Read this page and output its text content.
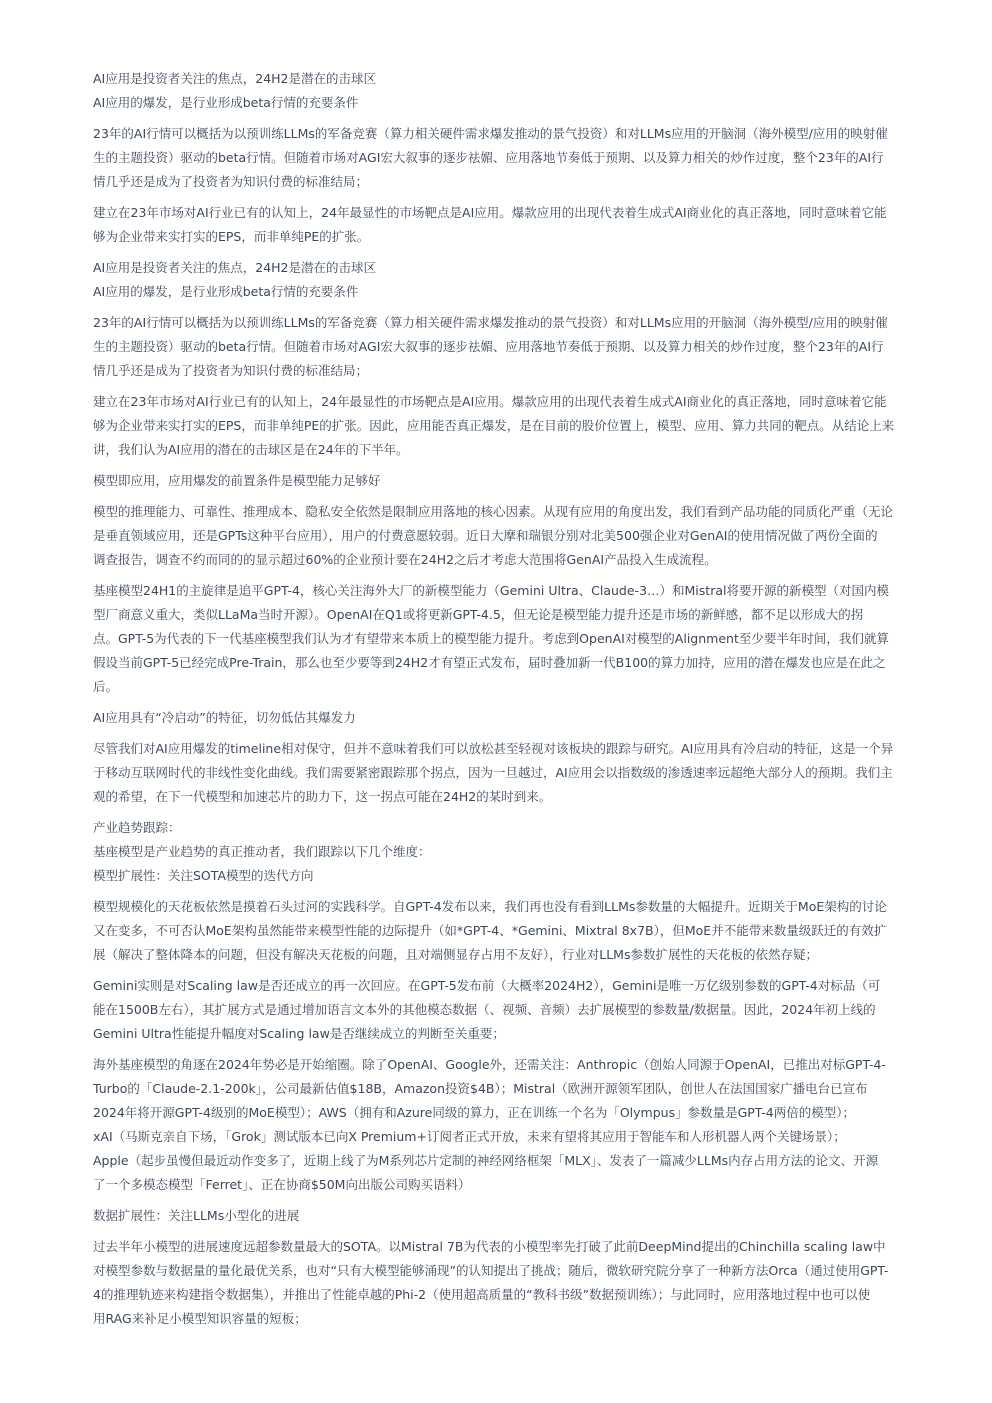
AI应用是投资者关注的焦点，24H2是潜在的击球区
AI应用的爆发，是行业形成beta行情的充要条件
23年的AI行情可以概括为以预训练LLMs的军备竞赛（算力相关硬件需求爆发推动的景气投资）和对LLMs应用的开脑洞（海外模型/应用的映射催
生的主题投资）驱动的beta行情。但随着市场对AGI宏大叙事的逐步祛媚、应用落地节奏低于预期、以及算力相关的炒作过度，整个23年的AI行
情几乎还是成为了投资者为知识付费的标准结局；
建立在23年市场对AI行业已有的认知上，24年最显性的市场靶点是AI应用。爆款应用的出现代表着生成式AI商业化的真正落地，同时意味着它能
够为企业带来实打实的EPS，而非单纯PE的扩张。
AI应用是投资者关注的焦点，24H2是潜在的击球区
AI应用的爆发，是行业形成beta行情的充要条件
23年的AI行情可以概括为以预训练LLMs的军备竞赛（算力相关硬件需求爆发推动的景气投资）和对LLMs应用的开脑洞（海外模型/应用的映射催
生的主题投资）驱动的beta行情。但随着市场对AGI宏大叙事的逐步祛媚、应用落地节奏低于预期、以及算力相关的炒作过度，整个23年的AI行
情几乎还是成为了投资者为知识付费的标准结局；
建立在23年市场对AI行业已有的认知上，24年最显性的市场靶点是AI应用。爆款应用的出现代表着生成式AI商业化的真正落地，同时意味着它能
够为企业带来实打实的EPS，而非单纯PE的扩张。因此，应用能否真正爆发，是在目前的股价位置上，模型、应用、算力共同的靶点。从结论上来
讲，我们认为AI应用的潜在的击球区是在24年的下半年。
模型即应用，应用爆发的前置条件是模型能力足够好
模型的推理能力、可靠性、推理成本、隐私安全依然是限制应用落地的核心因素。从现有应用的角度出发，我们看到产品功能的同质化严重（无论
是垂直领域应用，还是GPTs这种平台应用），用户的付费意愿较弱。近日大摩和瑞银分别对北美500强企业对GenAI的使用情况做了两份全面的
调查报告，调查不约而同的的显示超过60%的企业预计要在24H2之后才考虑大范围将GenAI产品投入生成流程。
基座模型24H1的主旋律是追平GPT-4，核心关注海外大厂的新模型能力（Gemini Ultra、Claude-3…）和Mistral将要开源的新模型（对国内模
型厂商意义重大，类似LLaMa当时开源）。OpenAI在Q1或将更新GPT-4.5，但无论是模型能力提升还是市场的新鲜感，都不足以形成大的拐
点。GPT-5为代表的下一代基座模型我们认为才有望带来本质上的模型能力提升。考虑到OpenAI对模型的Alignment至少要半年时间，我们就算
假设当前GPT-5已经完成Pre-Train，那么也至少要等到24H2才有望正式发布，届时叠加新一代B100的算力加持，应用的潜在爆发也应是在此之
后。
AI应用具有“冷启动”的特征，切勿低估其爆发力
尽管我们对AI应用爆发的timeline相对保守，但并不意味着我们可以放松甚至轻视对该板块的跟踪与研究。AI应用具有冷启动的特征，这是一个异
于移动互联网时代的非线性变化曲线。我们需要紧密跟踪那个拐点，因为一旦越过，AI应用会以指数级的渗透速率远超绝大部分人的预期。我们主
观的希望，在下一代模型和加速芯片的助力下，这一拐点可能在24H2的某时到来。
产业趋势跟踪：
基座模型是产业趋势的真正推动者，我们跟踪以下几个维度：
模型扩展性：关注SOTA模型的迭代方向
模型规模化的天花板依然是摸着石头过河的实践科学。自GPT-4发布以来，我们再也没有看到LLMs参数量的大幅提升。近期关于MoE架构的讨论
又在变多，不可否认MoE架构虽然能带来模型性能的边际提升（如*GPT-4、*Gemini、Mixtral 8x7B），但MoE并不能带来数量级跃迁的有效扩
展（解决了整体降本的问题，但没有解决天花板的问题，且对端侧显存占用不友好），行业对LLMs参数扩展性的天花板的依然存疑；
Gemini实则是对Scaling law是否还成立的再一次回应。在GPT-5发布前（大概率2024H2），Gemini是唯一万亿级别参数的GPT-4对标品（可
能在1500B左右），其扩展方式是通过增加语言文本外的其他模态数据（、视频、音频）去扩展模型的参数量/数据量。因此，2024年初上线的
Gemini Ultra性能提升幅度对Scaling law是否继续成立的判断至关重要；
海外基座模型的角逐在2024年势必是开始缩圈。除了OpenAI、Google外，还需关注：Anthropic（创始人同源于OpenAI，已推出对标GPT-4-
Turbo的「Claude-2.1-200k」，公司最新估值$18B，Amazon投资$4B）；Mistral（欧洲开源领军团队，创世人在法国国家广播电台已宣布
2024年将开源GPT-4级别的MoE模型）；AWS（拥有和Azure同级的算力，正在训练一个名为「Olympus」参数量是GPT-4两倍的模型）；
xAI（马斯克亲自下场，「Grok」测试版本已向X Premium+订阅者正式开放，未来有望将其应用于智能车和人形机器人两个关键场景）；
Apple（起步虽慢但最近动作变多了，近期上线了为M系列芯片定制的神经网络框架「MLX」、发表了一篇减少LLMs内存占用方法的论文、开源
了一个多模态模型「Ferret」、正在协商$50M向出版公司购买语料）
数据扩展性：关注LLMs小型化的进展
过去半年小模型的进展速度远超参数量最大的SOTA。以Mistral 7B为代表的小模型率先打破了此前DeepMind提出的Chinchilla scaling law中
对模型参数与数据量的量化最优关系，也对“只有大模型能够涌现”的认知提出了挑战；随后，微软研究院分享了一种新方法Orca（通过使用GPT-
4的推理轨迹来构建指令数据集），并推出了性能卓越的Phi-2（使用超高质量的“教科书级”数据预训练）；与此同时，应用落地过程中也可以使
用RAG来补足小模型知识容量的短板；
